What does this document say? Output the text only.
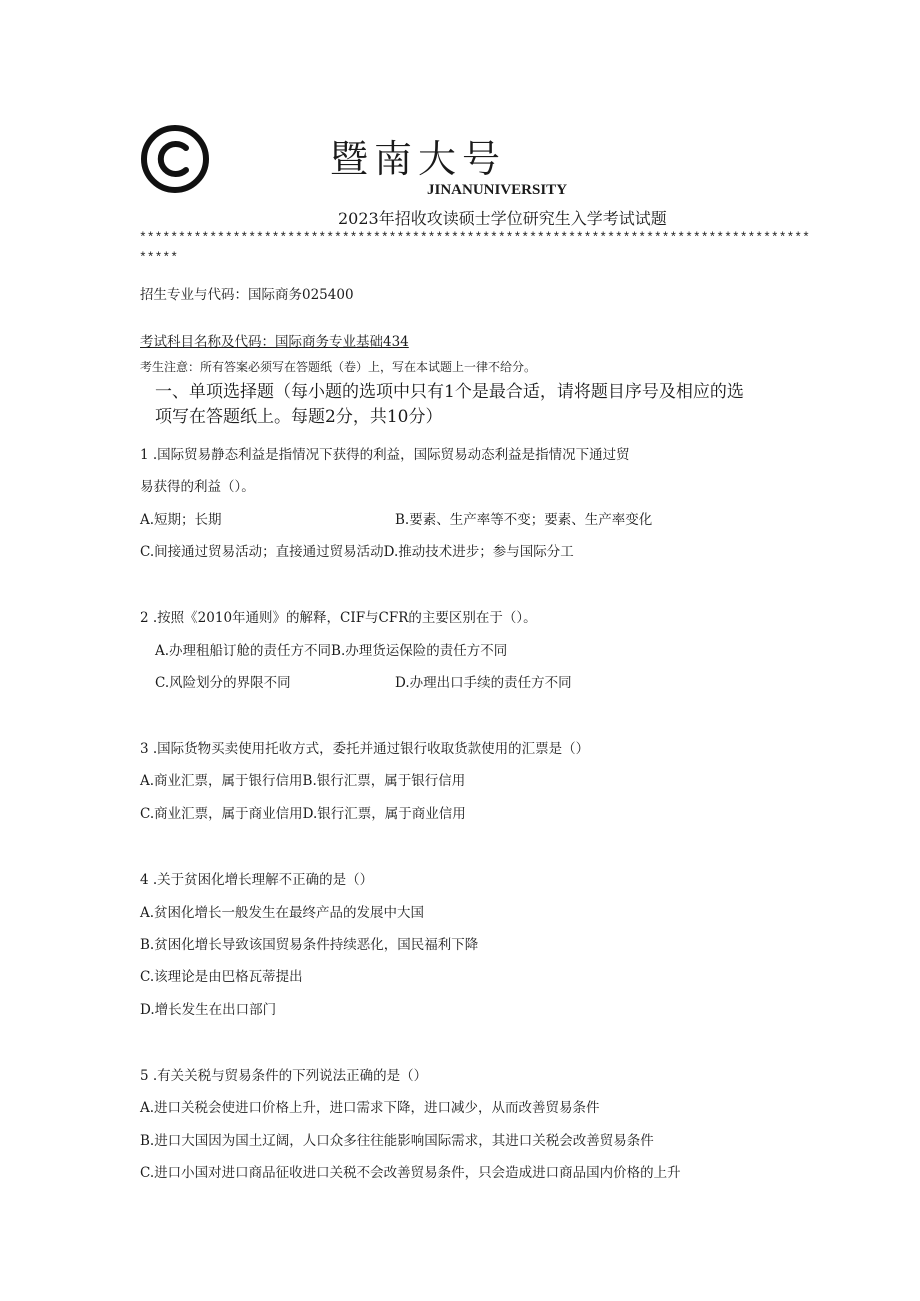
暨南大号
JINANUNIVERSITY
2023年招收攻读硕士学位研究生入学考试试题
**************************************************************************************
*****
招生专业与代码：国际商务025400
考试科目名称及代码：国际商务专业基础434
考生注意：所有答案必须写在答题纸（卷）上，写在本试题上一律不给分。
一、单项选择题（每小题的选项中只有1个是最合适，请将题目序号及相应的选
项写在答题纸上。每题2分，共10分）
1 .国际贸易静态利益是指情况下获得的利益，国际贸易动态利益是指情况下通过贸
易获得的利益（）。
A.短期；长期	B.要素、生产率等不变；要素、生产率变化
C.间接通过贸易活动；直接通过贸易活动D.推动技术进步；参与国际分工
2 .按照《2010年通则》的解释，CIF与CFR的主要区别在于（）。
A.办理租船订舱的责任方不同B.办理货运保险的责任方不同
C.风险划分的界限不同	D.办理出口手续的责任方不同
3 .国际货物买卖使用托收方式，委托并通过银行收取货款使用的汇票是（）
A.商业汇票，属于银行信用B.银行汇票，属于银行信用
C.商业汇票，属于商业信用D.银行汇票，属于商业信用
4 .关于贫困化增长理解不正确的是（）
A.贫困化增长一般发生在最终产品的发展中大国
B.贫困化增长导致该国贸易条件持续恶化，国民福利下降
C.该理论是由巴格瓦蒂提出
D.增长发生在出口部门
5 .有关关税与贸易条件的下列说法正确的是（）
A.进口关税会使进口价格上升，进口需求下降，进口减少，从而改善贸易条件
B.进口大国因为国土辽阔，人口众多往往能影响国际需求，其进口关税会改善贸易条件
C.进口小国对进口商品征收进口关税不会改善贸易条件，只会造成进口商品国内价格的上升
